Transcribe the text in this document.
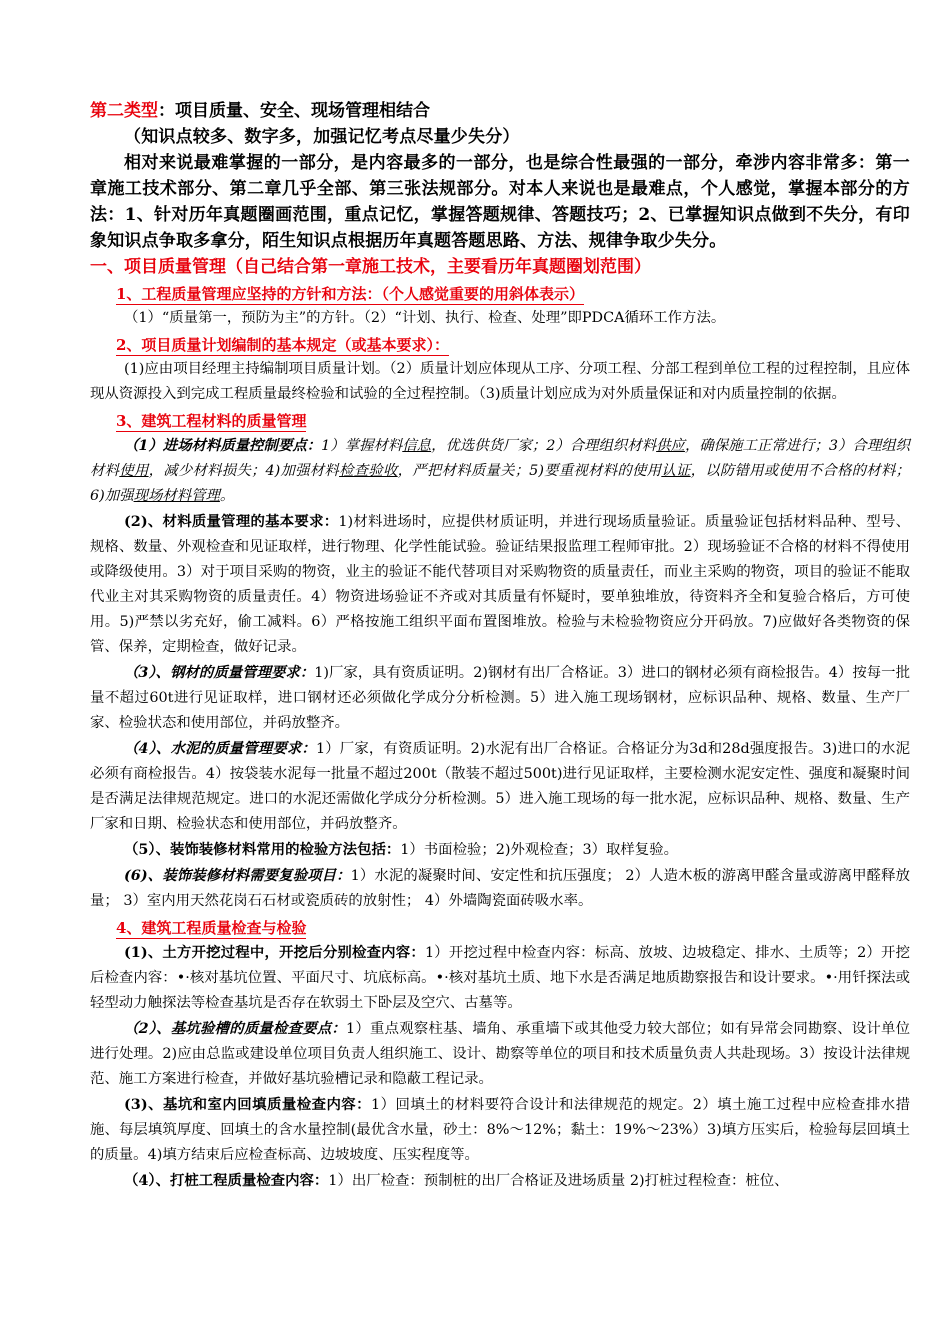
第二类型：项目质量、安全、现场管理相结合

（知识点较多、数字多，加强记忆考点尽量少失分）

相对来说最难掌握的一部分，是内容最多的一部分，也是综合性最强的一部分，牵涉内容非常多：第一章施工技术部分、第二章几乎全部、第三张法规部分。对本人来说也是最难点，个人感觉，掌握本部分的方法：1、针对历年真题圈画范围，重点记忆，掌握答题规律、答题技巧；2、已掌握知识点做到不失分，有印象知识点争取多拿分，陌生知识点根据历年真题答题思路、方法、规律争取少失分。

一、项目质量管理（自己结合第一章施工技术，主要看历年真题圈划范围）

1、工程质量管理应坚持的方针和方法：（个人感觉重要的用斜体表示）

（1）“质量第一，预防为主”的方针。（2）“计划、执行、检查、处理”即PDCA循环工作方法。

2、项目质量计划编制的基本规定（或基本要求）：

(1)应由项目经理主持编制项目质量计划。（2）质量计划应体现从工序、分项工程、分部工程到单位工程的过程控制，且应体现从资源投入到完成工程质量最终检验和试验的全过程控制。（3)质量计划应成为对外质量保证和对内质量控制的依据。

3、建筑工程材料的质量管理

（1）进场材料质量控制要点：1）掌握材料信息，优选供货厂家；2）合理组织材料供应，确保施工正常进行；3）合理组织材料使用，减少材料损失；4)加强材料检查验收，严把材料质量关；5)要重视材料的使用认证，以防错用或使用不合格的材料； 6)加强现场材料管理。

(2)、材料质量管理的基本要求：1)材料进场时，应提供材质证明，并进行现场质量验证。质量验证包括材料品种、型号、规格、数量、外观检查和见证取样，进行物理、化学性能试验。验证结果报监理工程师审批。2）现场验证不合格的材料不得使用或降级使用。3）对于项目采购的物资，业主的验证不能代替项目对采购物资的质量责任，而业主采购的物资，项目的验证不能取代业主对其采购物资的质量责任。4）物资进场验证不齐或对其质量有怀疑时，要单独堆放，待资料齐全和复验合格后，方可使用。5)严禁以劣充好，偷工减料。6）严格按施工组织平面布置图堆放。检验与未检验物资应分开码放。7)应做好各类物资的保管、保养，定期检查，做好记录。

（3）、钢材的质量管理要求：1)厂家，具有资质证明。2)钢材有出厂合格证。3）进口的钢材必须有商检报告。4）按每一批量不超过60t进行见证取样，进口钢材还必须做化学成分分析检测。5）进入施工现场钢材，应标识品种、规格、数量、生产厂家、检验状态和使用部位，并码放整齐。

（4）、水泥的质量管理要求：1）厂家，有资质证明。2)水泥有出厂合格证。合格证分为3d和28d强度报告。3)进口的水泥必须有商检报告。4）按袋装水泥每一批量不超过200t（散装不超过500t)进行见证取样，主要检测水泥安定性、强度和凝聚时间是否满足法律规范规定。进口的水泥还需做化学成分分析检测。5）进入施工现场的每一批水泥，应标识品种、规格、数量、生产厂家和日期、检验状态和使用部位，并码放整齐。

（5）、装饰装修材料常用的检验方法包括：1）书面检验；2)外观检查；3）取样复验。

(6)、装饰装修材料需要复验项目：1）水泥的凝聚时间、安定性和抗压强度； 2）人造木板的游离甲醛含量或游离甲醛释放量； 3）室内用天然花岗石石材或瓷质砖的放射性； 4）外墙陶瓷面砖吸水率。

4、建筑工程质量检查与检验

(1)、土方开挖过程中，开挖后分别检查内容：1）开挖过程中检查内容：标高、放坡、边坡稳定、排水、土质等；2）开挖后检查内容：•·核对基坑位置、平面尺寸、坑底标高。•·核对基坑土质、地下水是否满足地质勘察报告和设计要求。•·用钎探法或轻型动力触探法等检查基坑是否存在软弱土下卧层及空穴、古墓等。

（2）、基坑验槽的质量检查要点：1）重点观察柱基、墙角、承重墙下或其他受力较大部位；如有异常会同勘察、设计单位进行处理。2)应由总监或建设单位项目负责人组织施工、设计、勘察等单位的项目和技术质量负责人共赴现场。3）按设计法律规范、施工方案进行检查，并做好基坑验槽记录和隐蔽工程记录。

(3)、基坑和室内回填质量检查内容：1）回填土的材料要符合设计和法律规范的规定。2）填土施工过程中应检查排水措施、每层填筑厚度、回填土的含水量控制(最优含水量，砂土：8%～12%；黏土：19%～23%）3)填方压实后，检验每层回填土的质量。4)填方结束后应检查标高、边坡坡度、压实程度等。

（4）、打桩工程质量检查内容：1）出厂检查：预制桩的出厂合格证及进场质量 2)打桩过程检查：桩位、
